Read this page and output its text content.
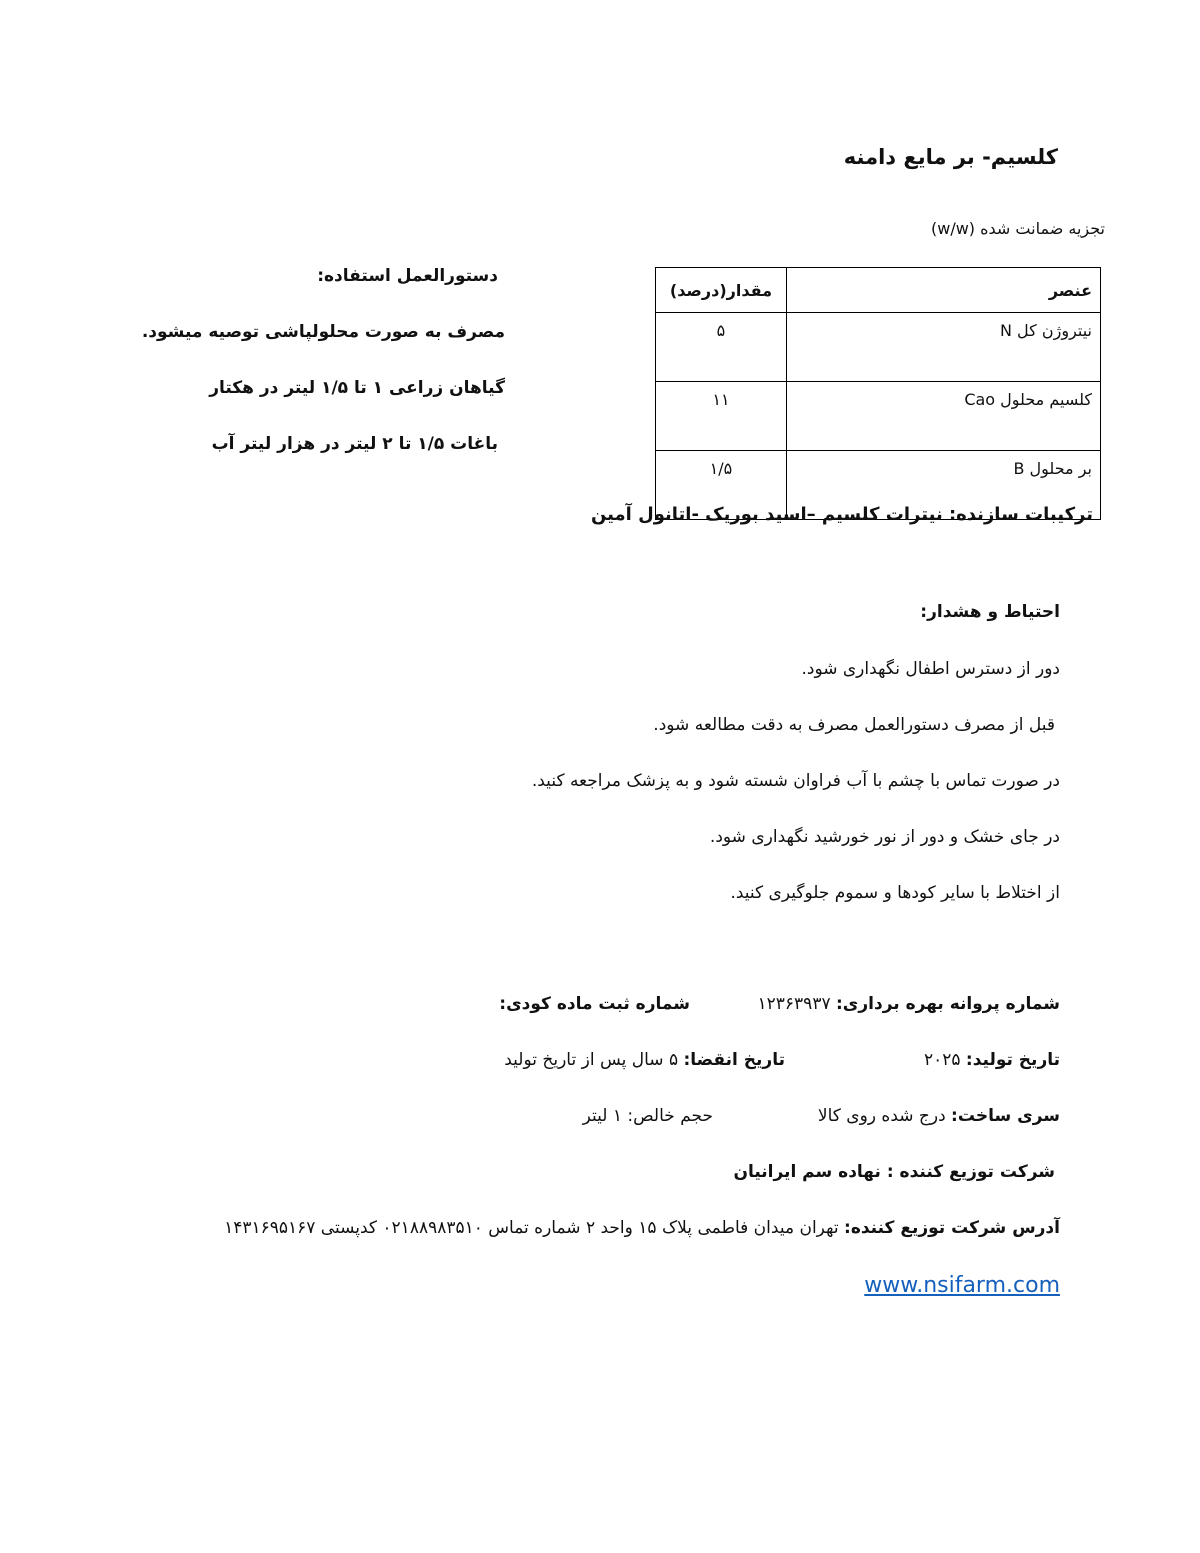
کلسیم- بر مایع دامنه
تجزیه ضمانت شده (w/w)
عنصر	مقدار(درصد)
نیتروژن کل N	۵
کلسیم محلول Cao	۱۱
بر محلول B	۱/۵
ترکیبات سازنده: نیترات کلسیم –اسید بوریک -اتانول آمین
دستورالعمل استفاده:
مصرف به صورت محلولپاشی توصیه میشود.
گیاهان زراعی ۱ تا ۱/۵ لیتر در هکتار
باغات ۱/۵ تا ۲ لیتر در هزار لیتر آب
احتیاط و هشدار:
دور از دسترس اطفال نگهداری شود.
قبل از مصرف دستورالعمل مصرف به دقت مطالعه شود.
در صورت تماس با چشم با آب فراوان شسته شود و به پزشک مراجعه کنید.
در جای خشک و دور از نور خورشید نگهداری شود.
از اختلاط با سایر کودها و سموم جلوگیری کنید.
شماره پروانه بهره برداری: ۱۲۳۶۳۹۳۷
شماره ثبت ماده کودی:
تاریخ تولید: ۲۰۲۵
تاریخ انقضا: ۵ سال پس از تاریخ تولید
سری ساخت: درج شده روی کالا
حجم خالص: ۱ لیتر
شرکت توزیع کننده : نهاده سم ایرانیان
آدرس شرکت توزیع کننده: تهران میدان فاطمی پلاک ۱۵ واحد ۲ شماره تماس ۰۲۱۸۸۹۸۳۵۱۰ کدپستی ۱۴۳۱۶۹۵۱۶۷
www.nsifarm.com
